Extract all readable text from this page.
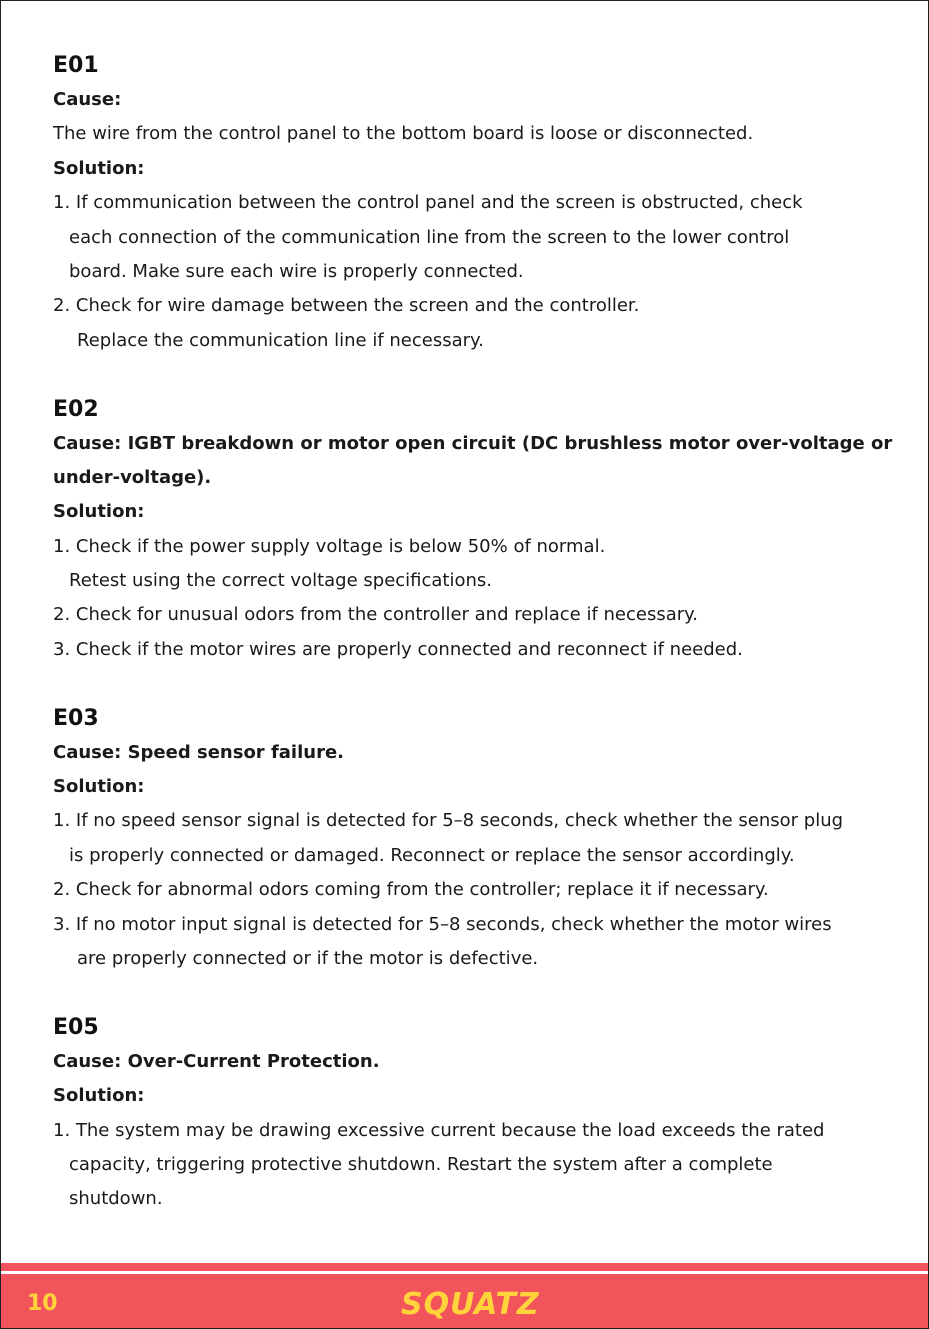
E01
Cause:
The wire from the control panel to the bottom board is loose or disconnected.
Solution:
1. If communication between the control panel and the screen is obstructed, check
each connection of the communication line from the screen to the lower control
board. Make sure each wire is properly connected.
2. Check for wire damage between the screen and the controller.
Replace the communication line if necessary.
E02
Cause: IGBT breakdown or motor open circuit (DC brushless motor over-voltage or
under-voltage).
Solution:
1. Check if the power supply voltage is below 50% of normal.
Retest using the correct voltage specifications.
2. Check for unusual odors from the controller and replace if necessary.
3. Check if the motor wires are properly connected and reconnect if needed.
E03
Cause: Speed sensor failure.
Solution:
1. If no speed sensor signal is detected for 5–8 seconds, check whether the sensor plug
is properly connected or damaged. Reconnect or replace the sensor accordingly.
2. Check for abnormal odors coming from the controller; replace it if necessary.
3. If no motor input signal is detected for 5–8 seconds, check whether the motor wires
are properly connected or if the motor is defective.
E05
Cause: Over-Current Protection.
Solution:
1. The system may be drawing excessive current because the load exceeds the rated
capacity, triggering protective shutdown. Restart the system after a complete
shutdown.
10	SQUATZ
